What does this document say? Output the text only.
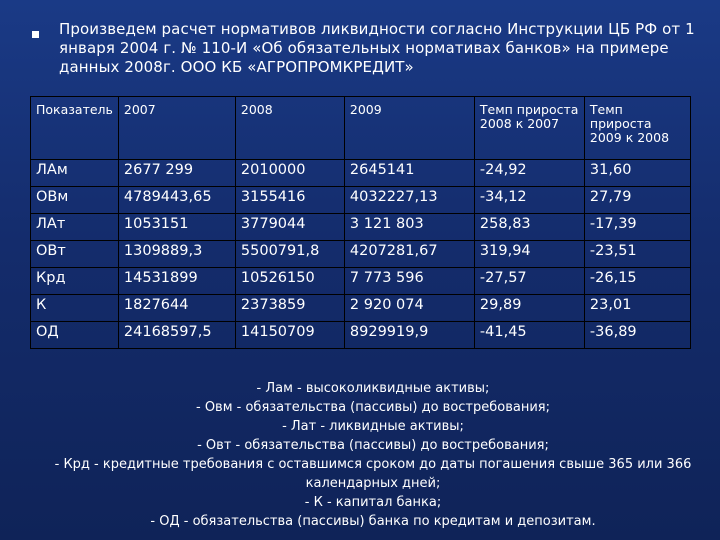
Произведем расчет нормативов ликвидности согласно Инструкции ЦБ РФ от 1 января 2004 г. № 110-И «Об обязательных нормативах банков» на примере данных 2008г. ООО КБ «АГРОПРОМКРЕДИТ»
Показатель	2007	2008	2009	Темп прироста 2008 к 2007	Темп прироста 2009 к 2008
ЛАм	2677 299	2010000	2645141	-24,92	31,60
ОВм	4789443,65	3155416	4032227,13	-34,12	27,79
ЛАт	1053151	3779044	3 121 803	258,83	-17,39
ОВт	1309889,3	5500791,8	4207281,67	319,94	-23,51
Крд	14531899	10526150	7 773 596	-27,57	-26,15
К	1827644	2373859	2 920 074	29,89	23,01
ОД	24168597,5	14150709	8929919,9	-41,45	-36,89
- Лам - высоколиквидные активы;
- Овм - обязательства (пассивы) до востребования;
- Лат - ликвидные активы;
- Овт - обязательства (пассивы) до востребования;
- Крд - кредитные требования с оставшимся сроком до даты погашения свыше 365 или 366 календарных дней;
- К - капитал банка;
- ОД - обязательства (пассивы) банка по кредитам и депозитам.
